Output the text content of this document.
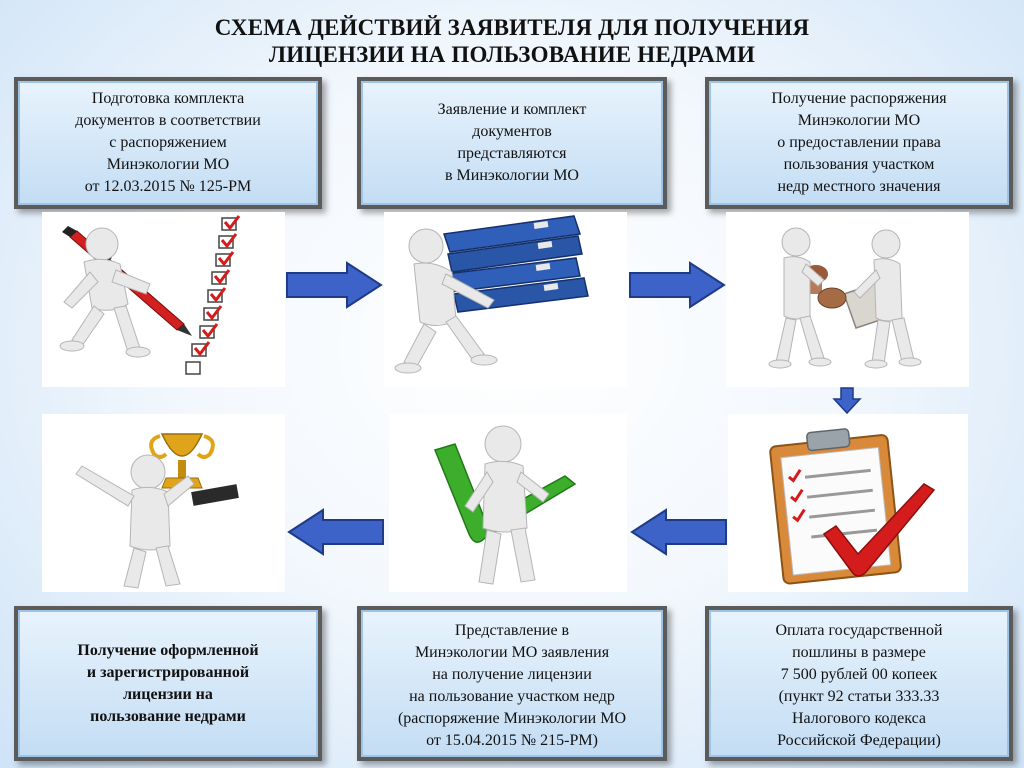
СХЕМА ДЕЙСТВИЙ ЗАЯВИТЕЛЯ ДЛЯ ПОЛУЧЕНИЯ
ЛИЦЕНЗИИ НА ПОЛЬЗОВАНИЕ НЕДРАМИ
Подготовка комплекта
документов в соответствии
с распоряжением
Минэкологии МО
от 12.03.2015 № 125-РМ
Заявление и комплект
документов
представляются
в Минэкологии МО
Получение распоряжения
Минэкологии МО
о предоставлении права
пользования участком
недр местного значения
Получение оформленной
и зарегистрированной
лицензии на
пользование недрами
Представление в
Минэкологии МО заявления
на получение лицензии
на пользование участком недр
(распоряжение Минэкологии МО
от 15.04.2015 № 215-РМ)
Оплата государственной
пошлины в размере
7 500 рублей 00 копеек
(пункт 92 статьи 333.33
Налогового кодекса
Российской Федерации)
